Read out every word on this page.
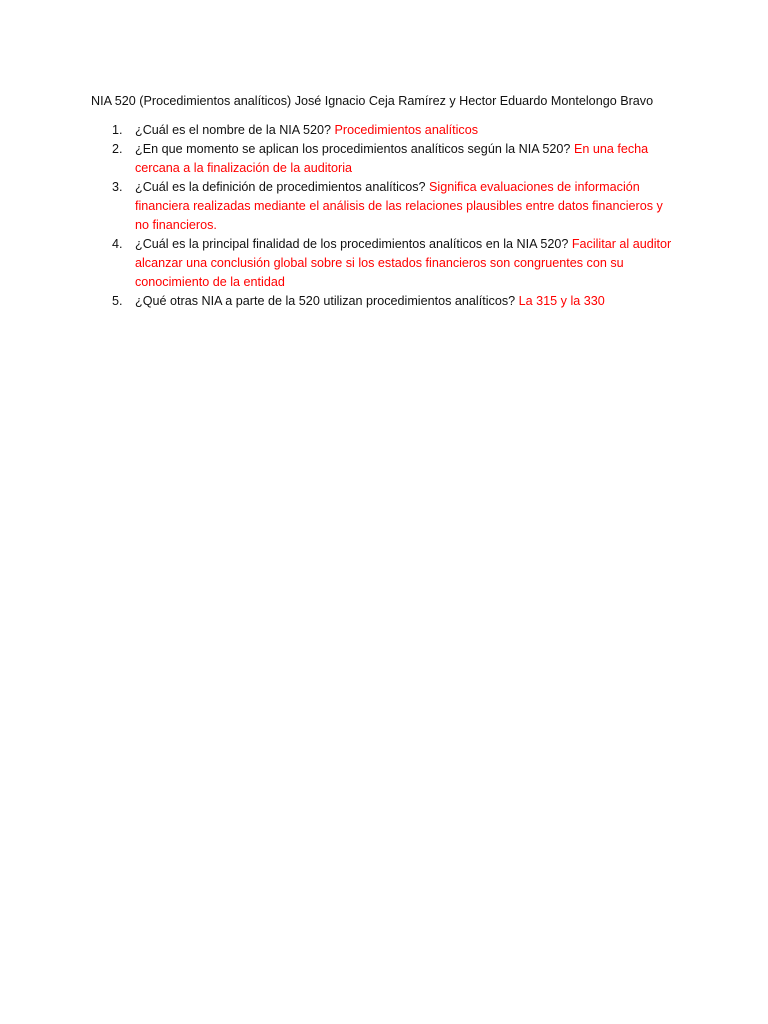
NIA 520 (Procedimientos analíticos) José Ignacio Ceja Ramírez y Hector Eduardo Montelongo Bravo
1. ¿Cuál es el nombre de la NIA 520? Procedimientos analíticos
2. ¿En que momento se aplican los procedimientos analíticos según la NIA 520? En una fecha cercana a la finalización de la auditoria
3. ¿Cuál es la definición de procedimientos analíticos? Significa evaluaciones de información financiera realizadas mediante el análisis de las relaciones plausibles entre datos financieros y no financieros.
4. ¿Cuál es la principal finalidad de los procedimientos analíticos en la NIA 520? Facilitar al auditor alcanzar una conclusión global sobre si los estados financieros son congruentes con su conocimiento de la entidad
5. ¿Qué otras NIA a parte de la 520 utilizan procedimientos analíticos? La 315 y la 330
